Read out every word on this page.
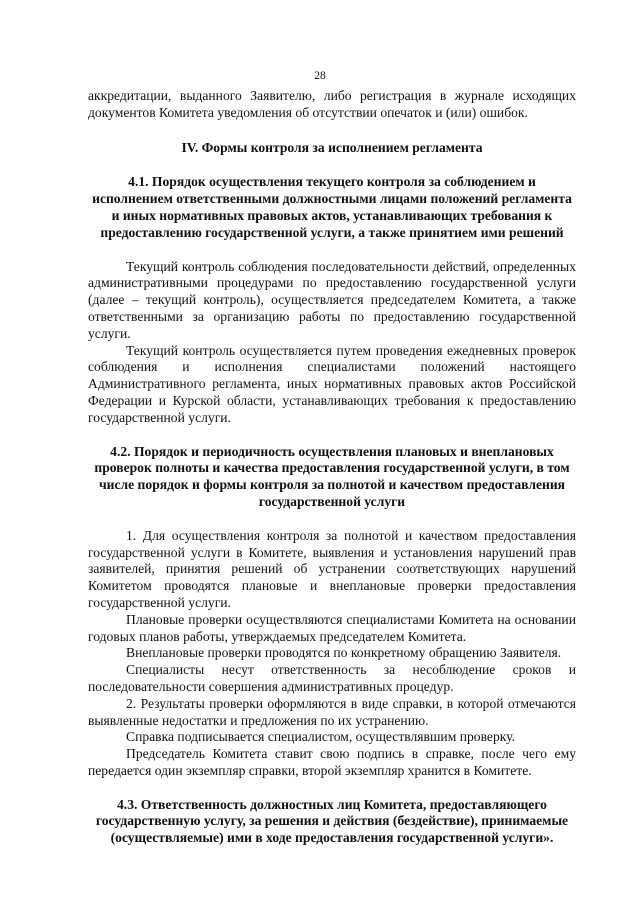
28

аккредитации, выданного Заявителю, либо регистрация в журнале исходящих документов Комитета уведомления об отсутствии опечаток и (или) ошибок.

IV. Формы контроля за исполнением регламента

4.1. Порядок осуществления текущего контроля за соблюдением и исполнением ответственными должностными лицами положений регламента и иных нормативных правовых актов, устанавливающих требования к предоставлению государственной услуги, а также принятием ими решений

Текущий контроль соблюдения последовательности действий, определенных административными процедурами по предоставлению государственной услуги (далее – текущий контроль), осуществляется председателем Комитета, а также ответственными за организацию работы по предоставлению государственной услуги.

Текущий контроль осуществляется путем проведения ежедневных проверок соблюдения и исполнения специалистами положений настоящего Административного регламента, иных нормативных правовых актов Российской Федерации и Курской области, устанавливающих требования к предоставлению государственной услуги.

4.2. Порядок и периодичность осуществления плановых и внеплановых проверок полноты и качества предоставления государственной услуги, в том числе порядок и формы контроля за полнотой и качеством предоставления государственной услуги

1. Для осуществления контроля за полнотой и качеством предоставления государственной услуги в Комитете, выявления и установления нарушений прав заявителей, принятия решений об устранении соответствующих нарушений Комитетом проводятся плановые и внеплановые проверки предоставления государственной услуги.

Плановые проверки осуществляются специалистами Комитета на основании годовых планов работы, утверждаемых председателем Комитета.

Внеплановые проверки проводятся по конкретному обращению Заявителя.

Специалисты несут ответственность за несоблюдение сроков и последовательности совершения административных процедур.

2. Результаты проверки оформляются в виде справки, в которой отмечаются выявленные недостатки и предложения по их устранению.

Справка подписывается специалистом, осуществлявшим проверку.

Председатель Комитета ставит свою подпись в справке, после чего ему передается один экземпляр справки, второй экземпляр хранится в Комитете.

4.3. Ответственность должностных лиц Комитета, предоставляющего государственную услугу, за решения и действия (бездействие), принимаемые (осуществляемые) ими в ходе предоставления государственной услуги».
